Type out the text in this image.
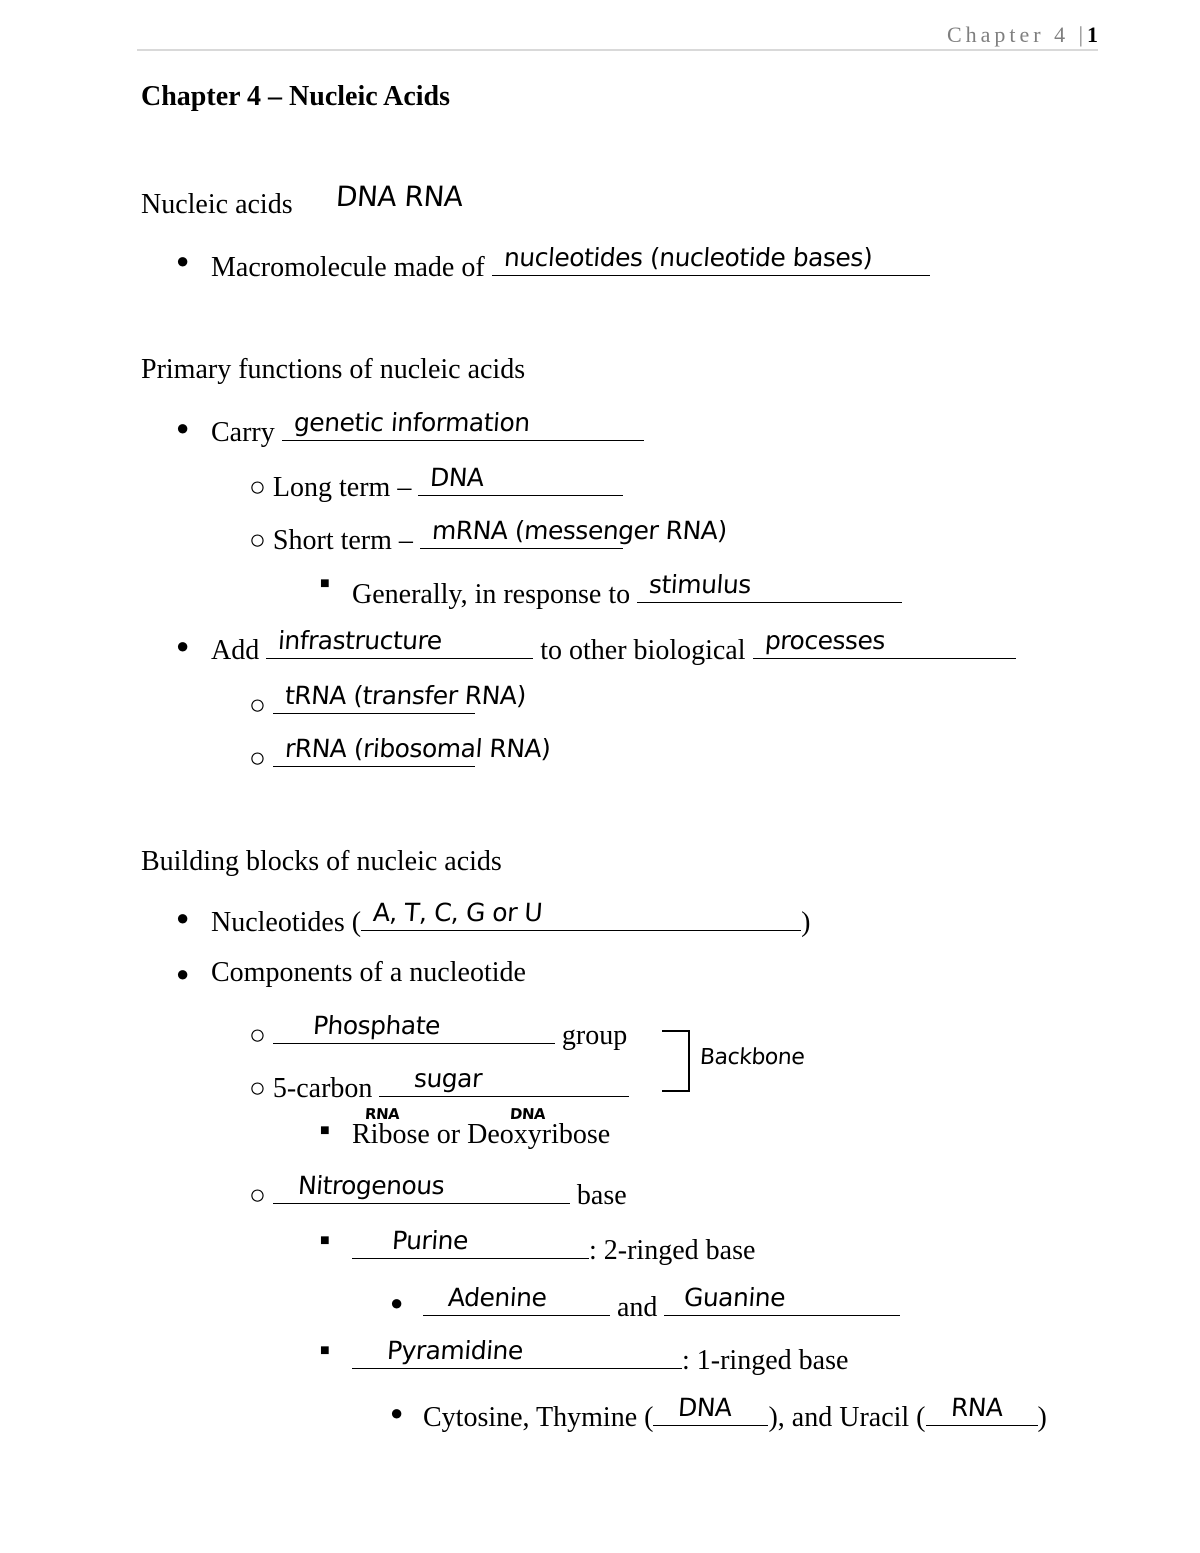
Chapter 4 |1
Chapter 4 – Nucleic Acids
Nucleic acids DNA RNA
● Macromolecule made of nucleotides (nucleotide bases)
Primary functions of nucleic acids
● Carry genetic information
○ Long term – DNA
○ Short term – mRNA (messenger RNA)
■ Generally, in response to stimulus
● Add infrastructure	to other biological processes
○ tRNA (transfer RNA)
○ rRNA (ribosomal RNA)
Building blocks of nucleic acids
● Nucleotides ( A, T, C, G or U	)
● Components of a nucleotide
○ Phosphate	group
Backbone
○ 5-carbon sugar
RNA	DNA
■ Ribose or Deoxyribose
○ Nitrogenous	base
■ Purine	: 2-ringed base
● Adenine and Guanine
■ Pyramidine	: 1-ringed base
● Cytosine, Thymine ( DNA ), and Uracil ( RNA )
